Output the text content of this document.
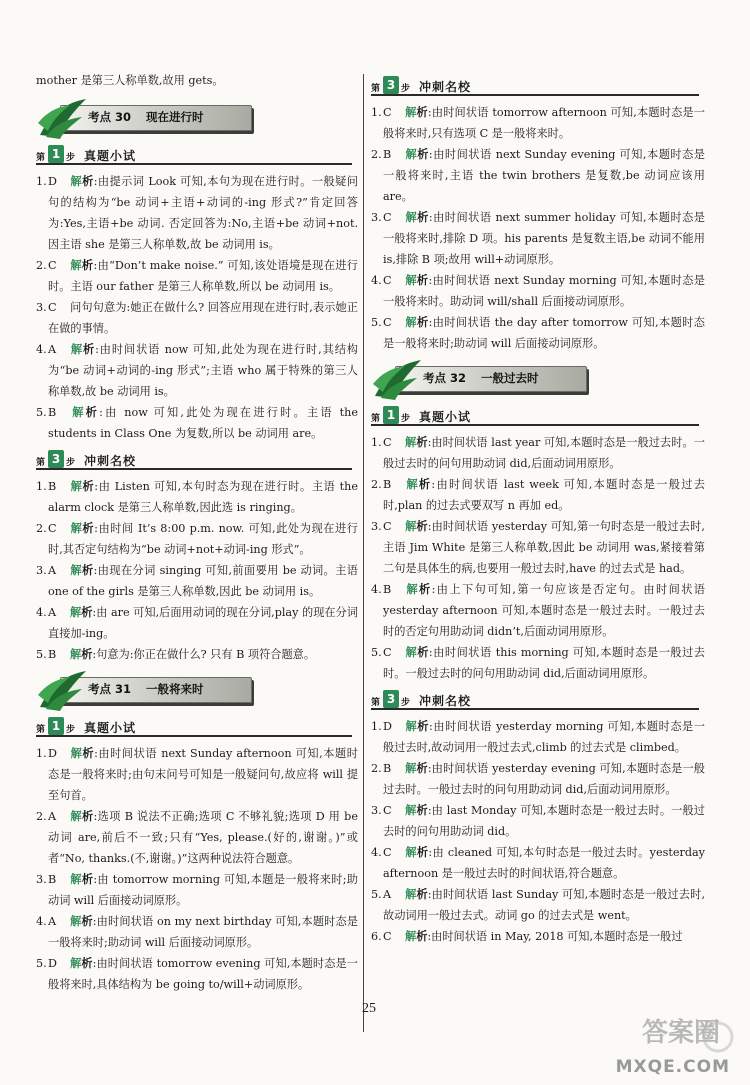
mother 是第三人称单数,故用 gets。

考点 30 现在进行时
第 1 步 真题小试

1. D 解析:由提示词 Look 可知,本句为现在进行时。一般疑问句的结构为“be 动词+主语+动词的-ing 形式?”肯定回答为:Yes,主语+be 动词. 否定回答为:No,主语+be 动词+not. 因主语 she 是第三人称单数,故 be 动词用 is。

2. C 解析:由“Don’t make noise.” 可知,该处语境是现在进行时。主语 our father 是第三人称单数,所以 be 动词用 is。

3. C 问句句意为:她正在做什么? 回答应用现在进行时,表示她正在做的事情。

4. A 解析:由时间状语 now 可知,此处为现在进行时,其结构为“be 动词+动词的-ing 形式”;主语 who 属于特殊的第三人称单数,故 be 动词用 is。

5. B 解析:由 now 可知,此处为现在进行时。主语 the students in Class One 为复数,所以 be 动词用 are。

第 3 步 冲刺名校

1. B 解析:由 Listen 可知,本句时态为现在进行时。主语 the alarm clock 是第三人称单数,因此选 is ringing。

2. C 解析:由时间 It’s 8:00 p.m. now. 可知,此处为现在进行时,其否定句结构为“be 动词+not+动词-ing 形式”。

3. A 解析:由现在分词 singing 可知,前面要用 be 动词。主语 one of the girls 是第三人称单数,因此 be 动词用 is。

4. A 解析:由 are 可知,后面用动词的现在分词,play 的现在分词直接加-ing。

5. B 解析:句意为:你正在做什么? 只有 B 项符合题意。

考点 31 一般将来时
第 1 步 真题小试

1. D 解析:由时间状语 next Sunday afternoon 可知,本题时态是一般将来时;由句末问号可知是一般疑问句,故应将 will 提至句首。

2. A 解析:选项 B 说法不正确;选项 C 不够礼貌;选项 D 用 be 动词 are,前后不一致;只有“Yes, please.(好的,谢谢。)”或者“No, thanks.(不,谢谢。)”这两种说法符合题意。

3. B 解析:由 tomorrow morning 可知,本题是一般将来时;助动词 will 后面接动词原形。

4. A 解析:由时间状语 on my next birthday 可知,本题时态是一般将来时;助动词 will 后面接动词原形。

5. D 解析:由时间状语 tomorrow evening 可知,本题时态是一般将来时,具体结构为 be going to/will+动词原形。

第 3 步 冲刺名校

1. C 解析:由时间状语 tomorrow afternoon 可知,本题时态是一般将来时,只有选项 C 是一般将来时。

2. B 解析:由时间状语 next Sunday evening 可知,本题时态是一般将来时,主语 the twin brothers 是复数,be 动词应该用 are。

3. C 解析:由时间状语 next summer holiday 可知,本题时态是一般将来时,排除 D 项。his parents 是复数主语,be 动词不能用 is,排除 B 项;故用 will+动词原形。

4. C 解析:由时间状语 next Sunday morning 可知,本题时态是一般将来时。助动词 will/shall 后面接动词原形。

5. C 解析:由时间状语 the day after tomorrow 可知,本题时态是一般将来时;助动词 will 后面接动词原形。

考点 32 一般过去时
第 1 步 真题小试

1. C 解析:由时间状语 last year 可知,本题时态是一般过去时。一般过去时的问句用助动词 did,后面动词用原形。

2. B 解析:由时间状语 last week 可知,本题时态是一般过去时,plan 的过去式要双写 n 再加 ed。

3. C 解析:由时间状语 yesterday 可知,第一句时态是一般过去时,主语 Jim White 是第三人称单数,因此 be 动词用 was,紧接着第二句是具体生的病,也要用一般过去时,have 的过去式是 had。

4. B 解析:由上下句可知,第一句应该是否定句。由时间状语 yesterday afternoon 可知,本题时态是一般过去时。一般过去时的否定句用助动词 didn’t,后面动词用原形。

5. C 解析:由时间状语 this morning 可知,本题时态是一般过去时。一般过去时的问句用助动词 did,后面动词用原形。

第 3 步 冲刺名校

1. D 解析:由时间状语 yesterday morning 可知,本题时态是一般过去时,故动词用一般过去式,climb 的过去式是 climbed。

2. B 解析:由时间状语 yesterday evening 可知,本题时态是一般过去时。一般过去时的问句用助动词 did,后面动词用原形。

3. C 解析:由 last Monday 可知,本题时态是一般过去时。一般过去时的问句用助动词 did。

4. C 解析:由 cleaned 可知,本句时态是一般过去时。yesterday afternoon 是一般过去时的时间状语,符合题意。

5. A 解析:由时间状语 last Sunday 可知,本题时态是一般过去时,故动词用一般过去式。动词 go 的过去式是 went。

6. C 解析:由时间状语 in May, 2018 可知,本题时态是一般过

25
答案圈
MXQE.COM
